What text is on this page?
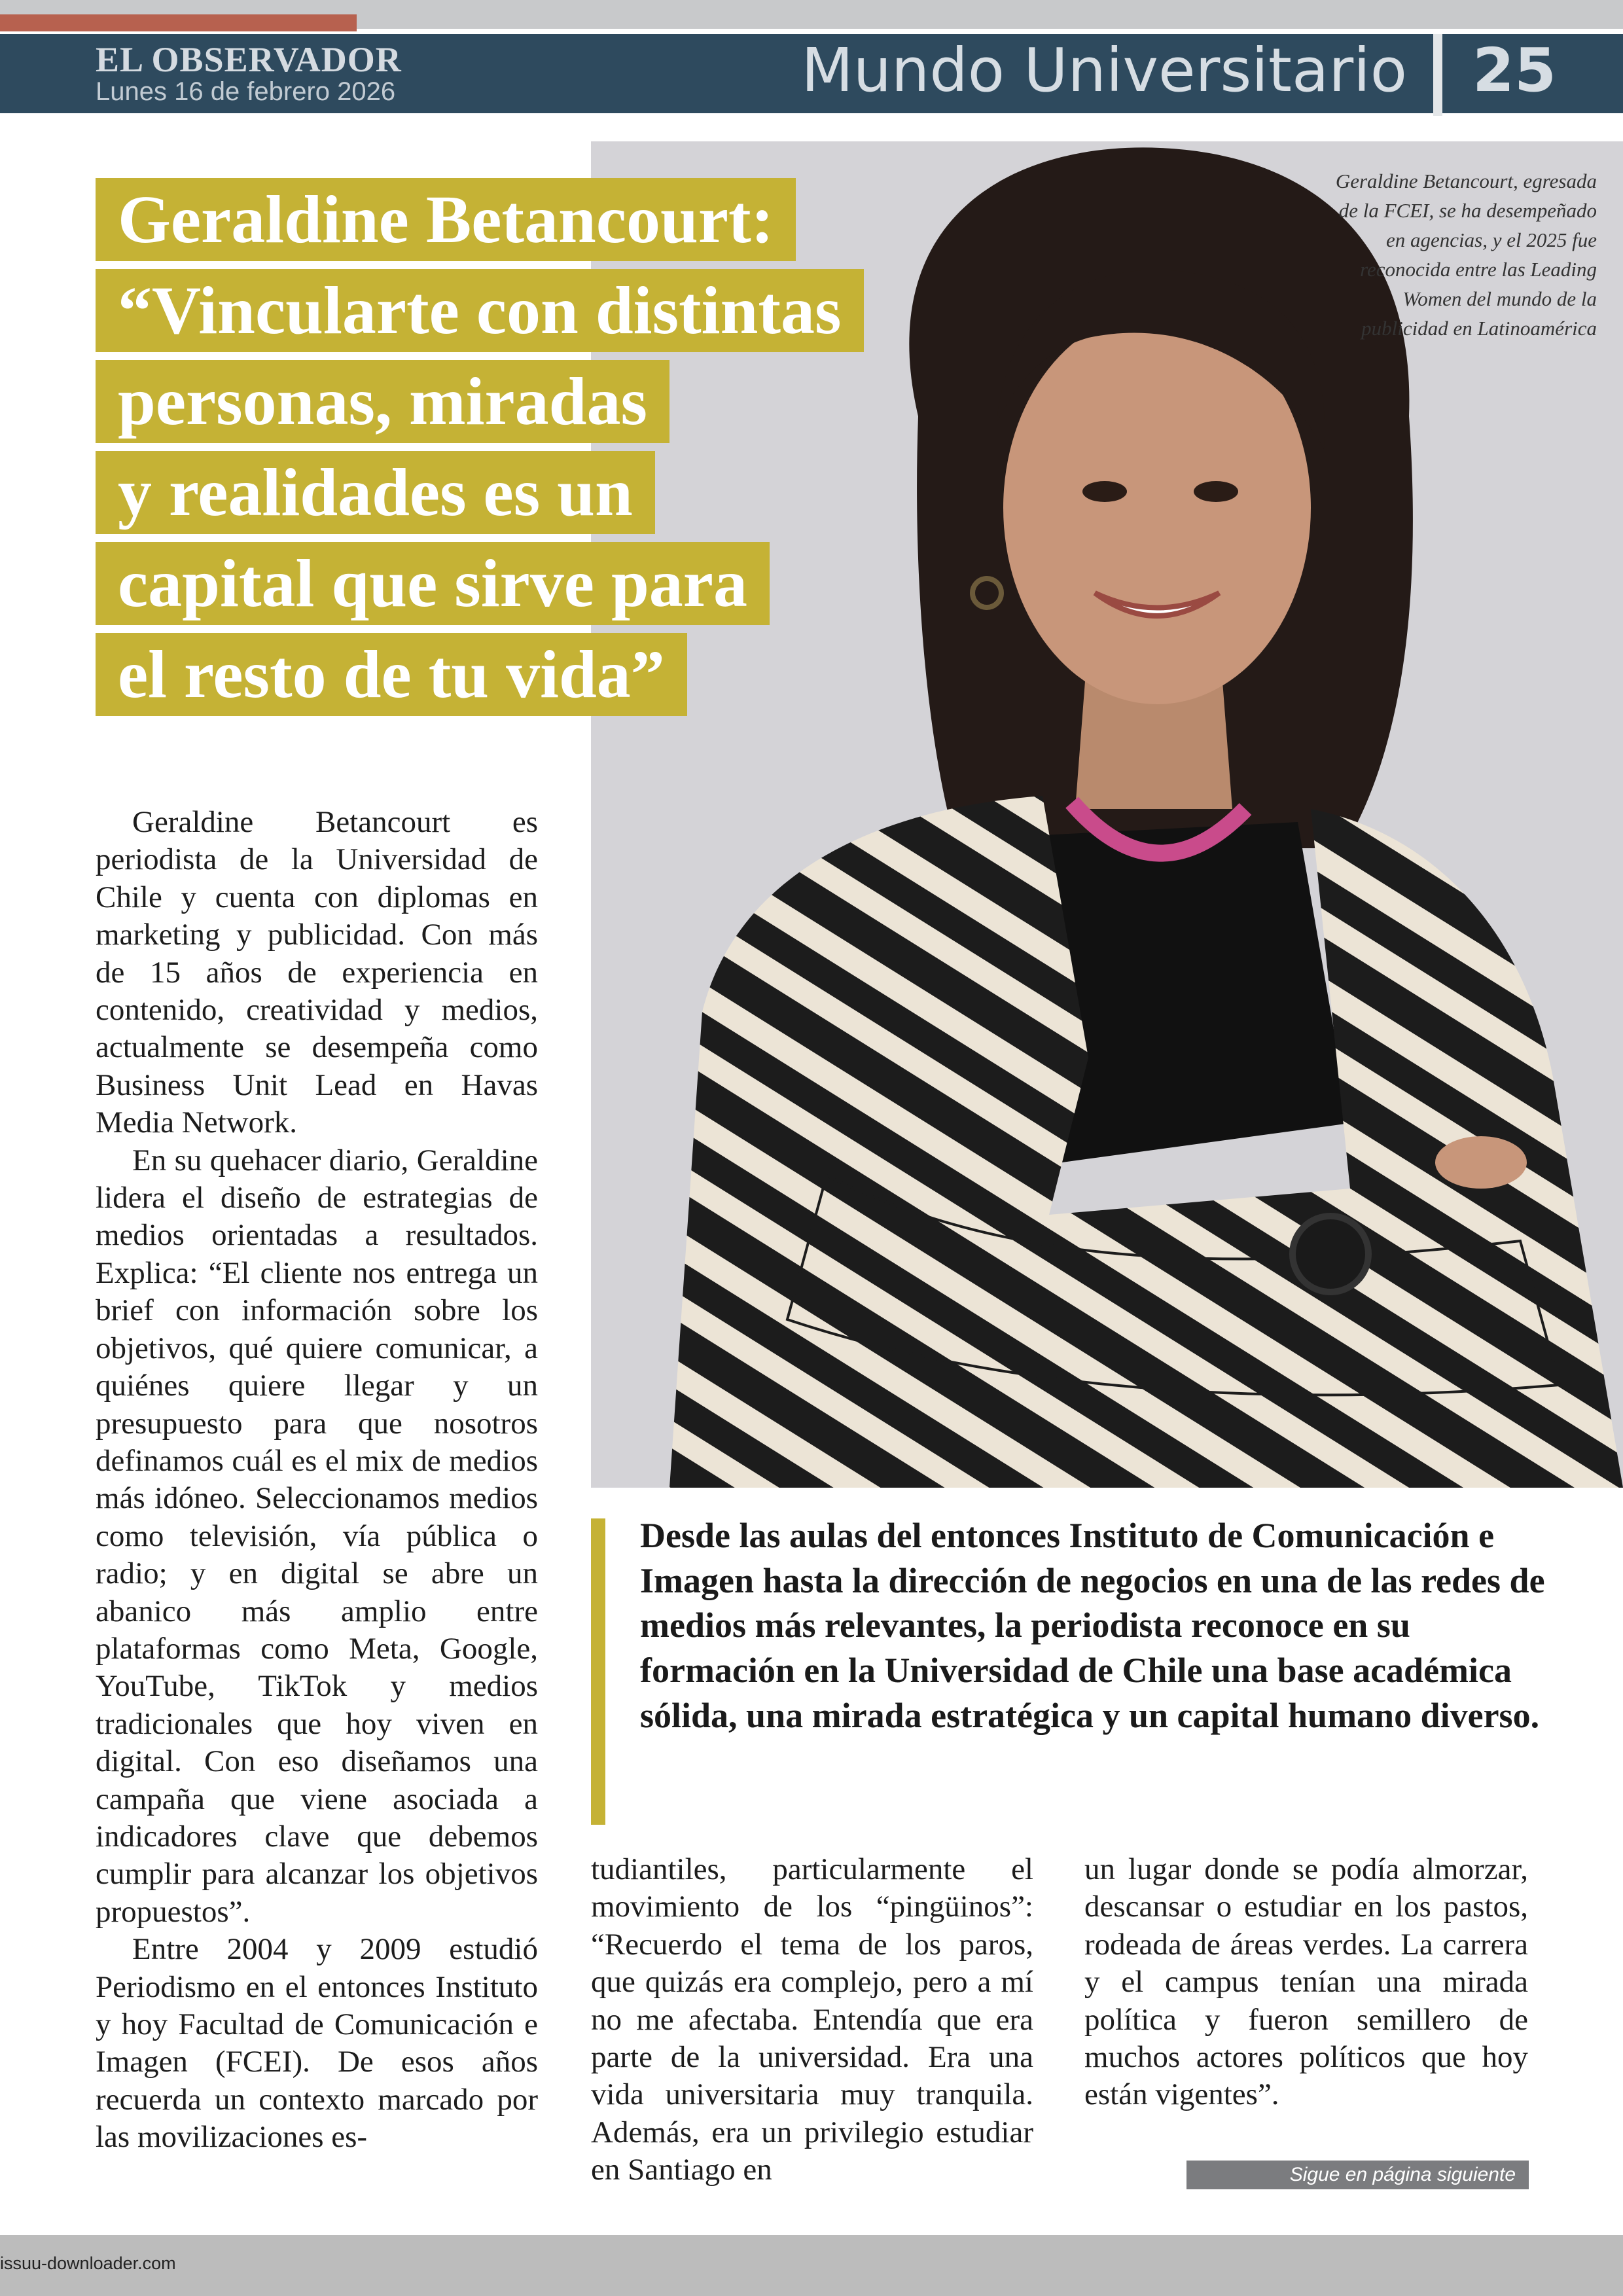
EL OBSERVADOR
Lunes 16 de febrero 2026	Mundo Universitario 25
Geraldine Betancourt, egresada de la FCEI, se ha desempeñado en agencias, y el 2025 fue reconocida entre las Leading Women del mundo de la publicidad en Latinoamérica
Geraldine Betancourt:
“Vincularte con distintas
personas, miradas
y realidades es un
capital que sirve para
el resto de tu vida”

Geraldine Betancourt es periodista de la Universidad de Chile y cuenta con diplomas en marketing y publicidad. Con más de 15 años de experiencia en contenido, creatividad y medios, actualmente se desempeña como Business Unit Lead en Havas Media Network.

En su quehacer diario, Geraldine lidera el diseño de estrategias de medios orientadas a resultados. Explica: “El cliente nos entrega un brief con información sobre los objetivos, qué quiere comunicar, a quiénes quiere llegar y un presupuesto para que nosotros definamos cuál es el mix de medios más idóneo. Seleccionamos medios como televisión, vía pública o radio; y en digital se abre un abanico más amplio entre plataformas como Meta, Google, YouTube, TikTok y medios tradicionales que hoy viven en digital. Con eso diseñamos una campaña que viene asociada a indicadores clave que debemos cumplir para alcanzar los objetivos propuestos”.

Entre 2004 y 2009 estudió Periodismo en el entonces Instituto y hoy Facultad de Comunicación e Imagen (FCEI). De esos años recuerda un contexto marcado por las movilizaciones es-

Desde las aulas del entonces Instituto de Comunicación e Imagen hasta la dirección de negocios en una de las redes de medios más relevantes, la periodista reconoce en su formación en la Universidad de Chile una base académica sólida, una mirada estratégica y un capital humano diverso.

tudiantiles, particularmente el movimiento de los “pingüinos”: “Recuerdo el tema de los paros, que quizás era complejo, pero a mí no me afectaba. Entendía que era parte de la universidad. Era una vida universitaria muy tranquila. Además, era un privilegio estudiar en Santiago en

un lugar donde se podía almorzar, descansar o estudiar en los pastos, rodeada de áreas verdes. La carrera y el campus tenían una mirada política y fueron semillero de muchos actores políticos que hoy están vigentes”.

Sigue en página siguiente
issuu-downloader.com
